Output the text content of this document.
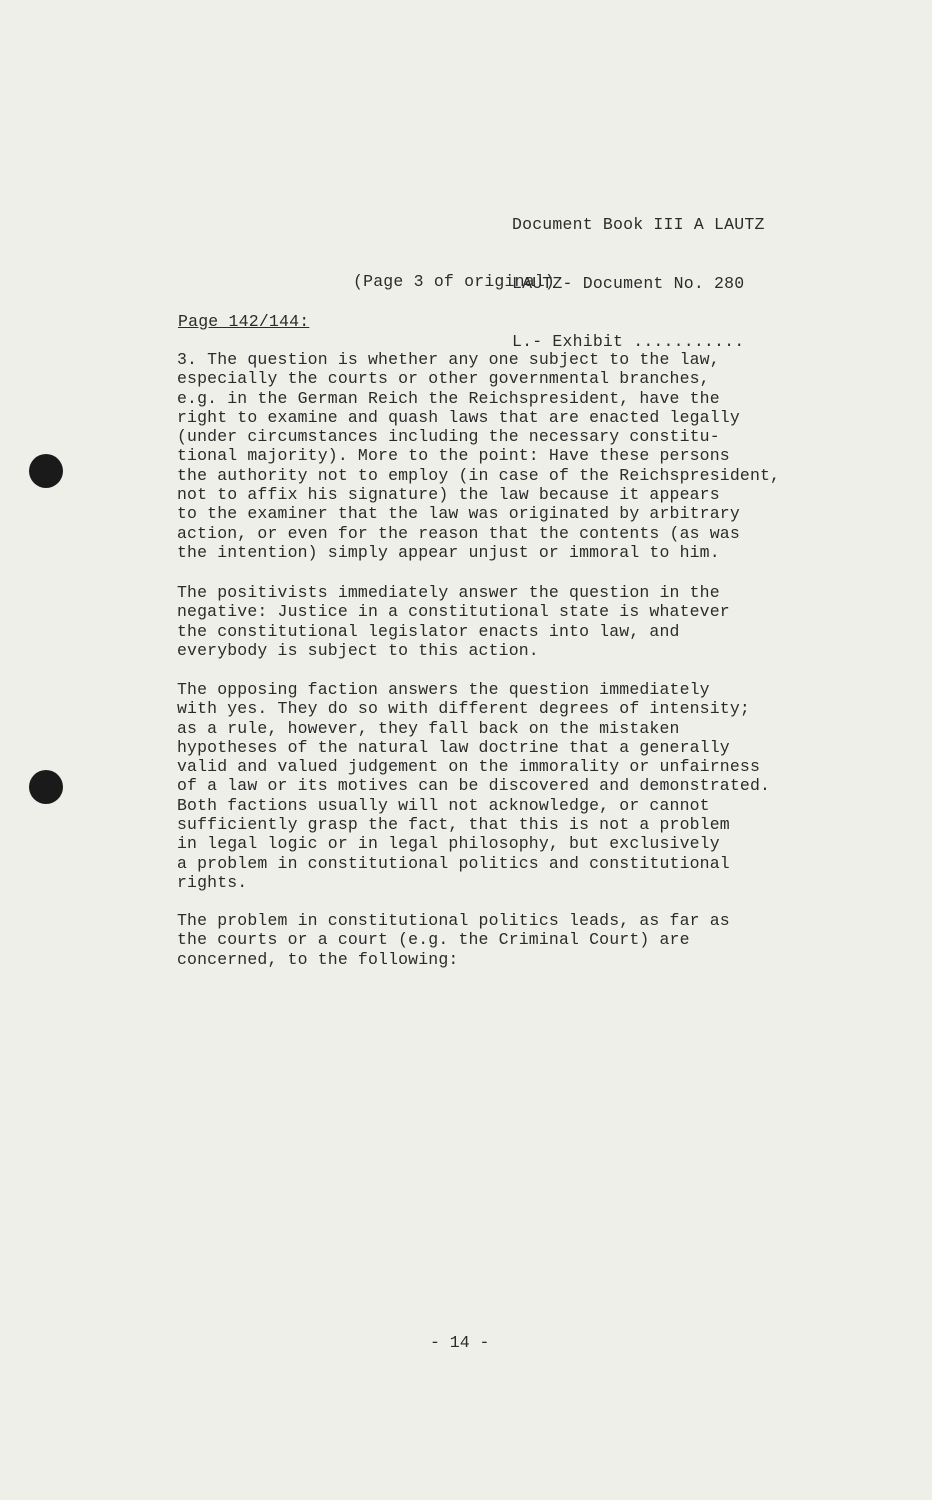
Document Book III A LAUTZ

LAUTZ- Document No. 280

L.- Exhibit ...........

(Page 3 of original)
Page 142/144:
3. The question is whether any one subject to the law,
especially the courts or other governmental branches,
e.g. in the German Reich the Reichspresident, have the
right to examine and quash laws that are enacted legally
(under circumstances including the necessary constitu-
tional majority). More to the point: Have these persons
the authority not to employ (in case of the Reichspresident,
not to affix his signature) the law because it appears
to the examiner that the law was originated by arbitrary
action, or even for the reason that the contents (as was
the intention) simply appear unjust or immoral to him.
The positivists immediately answer the question in the
negative: Justice in a constitutional state is whatever
the constitutional legislator enacts into law, and
everybody is subject to this action.
The opposing faction answers the question immediately
with yes. They do so with different degrees of intensity;
as a rule, however, they fall back on the mistaken
hypotheses of the natural law doctrine that a generally
valid and valued judgement on the immorality or unfairness
of a law or its motives can be discovered and demonstrated.
Both factions usually will not acknowledge, or cannot
sufficiently grasp the fact, that this is not a problem
in legal logic or in legal philosophy, but exclusively
a problem in constitutional politics and constitutional
rights.
The problem in constitutional politics leads, as far as
the courts or a court (e.g. the Criminal Court) are
concerned, to the following:
- 14 -
